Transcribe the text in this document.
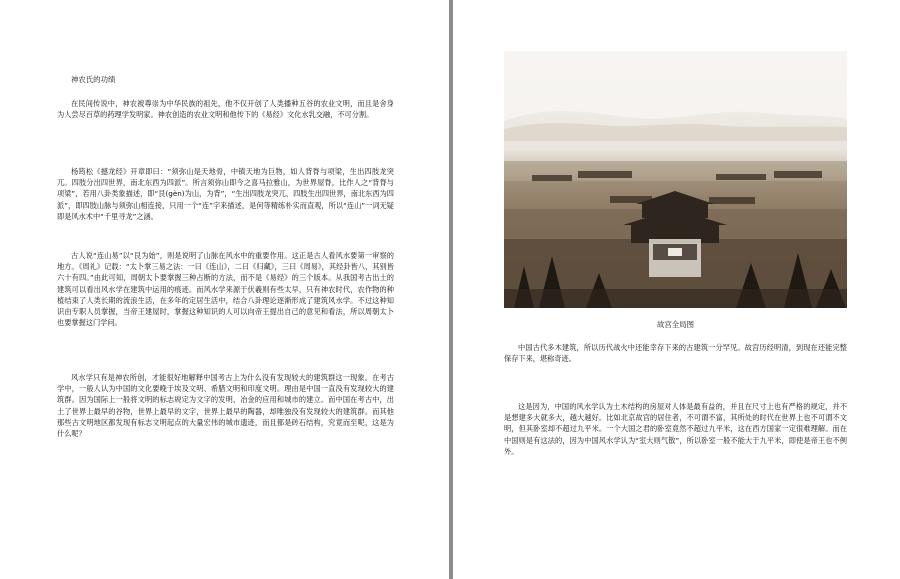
神农氏的功绩
在民间传说中，神农被尊崇为中华民族的祖先，他不仅开创了人类播种五谷的农业文明，而且是舍身为人尝尽百草的药理学发明家。神农创造的农业文明和他传下的《易经》文化水乳交融，不可分割。
杨筠松《撼龙经》开章即曰：“须弥山是天地骨，中镇天地为巨物，如人背脊与项梁，生出四肢龙突兀。四肢分出四世界，南北东西为四派”。所言须弥山即今之喜马拉雅山，为世界屋脊，比作人之“背脊与项梁”，若用八卦类象描述，即“艮(gèn)为山，为背”，“生出四肢龙突兀，四肢生出四世界，南北东西为四派”，即四肢山脉与须弥山相连接，只用一个“连”字来描述，是何等精练朴实而直观，所以“连山”一词无疑即是风水术中“千里寻龙”之涵。
古人说“连山易”以“艮为始”，则是说明了山脉在风水中的重要作用。这正是古人看风水要第一审察的地方。《周礼》记载：“太卜掌三易之法：一曰《连山》，二曰《归藏》，三曰《周易》，其经卦皆八，其别皆六十有四。”由此可知，周朝太卜要掌握三种占断的方法，而不是《易经》的三个版本。从我国考古出土的建筑可以看出风水学在建筑中运用的痕迹。而风水学来源于伏羲则有些太早，只有神农时代，农作物的种植结束了人类长期的流浪生活，在多年的定居生活中，结合八卦理论逐渐形成了建筑风水学。不过这种知识由专职人员掌握，当帝王建屋时，掌握这种知识的人可以向帝王提出自己的意见和看法，所以周朝太卜也要掌握这门学问。
风水学只有是神农所创，才能很好地解释中国考古上为什么没有发现较大的建筑群这一现象。在考古学中，一般人认为中国的文化要晚于埃及文明、希腊文明和印度文明。理由是中国一直没有发现较大的建筑群。因为国际上一般将文明的标志规定为文字的发明、冶金的应用和城市的建立。而中国在考古中，出土了世界上最早的谷物，世界上最早的文字，世界上最早的陶器，却唯独没有发现较大的建筑群。而其他那些古文明地区都发现有标志文明起点的大量宏伟的城市遗迹，而且都是砖石结构，究竟而至呢，这是为什么呢？
故宫全局图
中国古代多木建筑，所以历代战火中还能幸存下来的古建筑一分罕见。故宫历经明清，到现在还能完整保存下来，堪称奇迹。
这是因为，中国的风水学认为土木结构的房屋对人体是最有益的，并且在尺寸上也有严格的规定，并不是想建多大就多大，越大越好。比如北京故宫的居住者，不可谓不富，其所处的时代在世界上也不可谓不文明，但其卧室却不超过九平米。一个大国之君的卧室竟然不超过九平米，这在西方国家一定很难理解。而在中国则是有这法的，因为中国风水学认为“室大则气散”，所以卧室一般不能大于九平米，即使是帝王也不例外。
